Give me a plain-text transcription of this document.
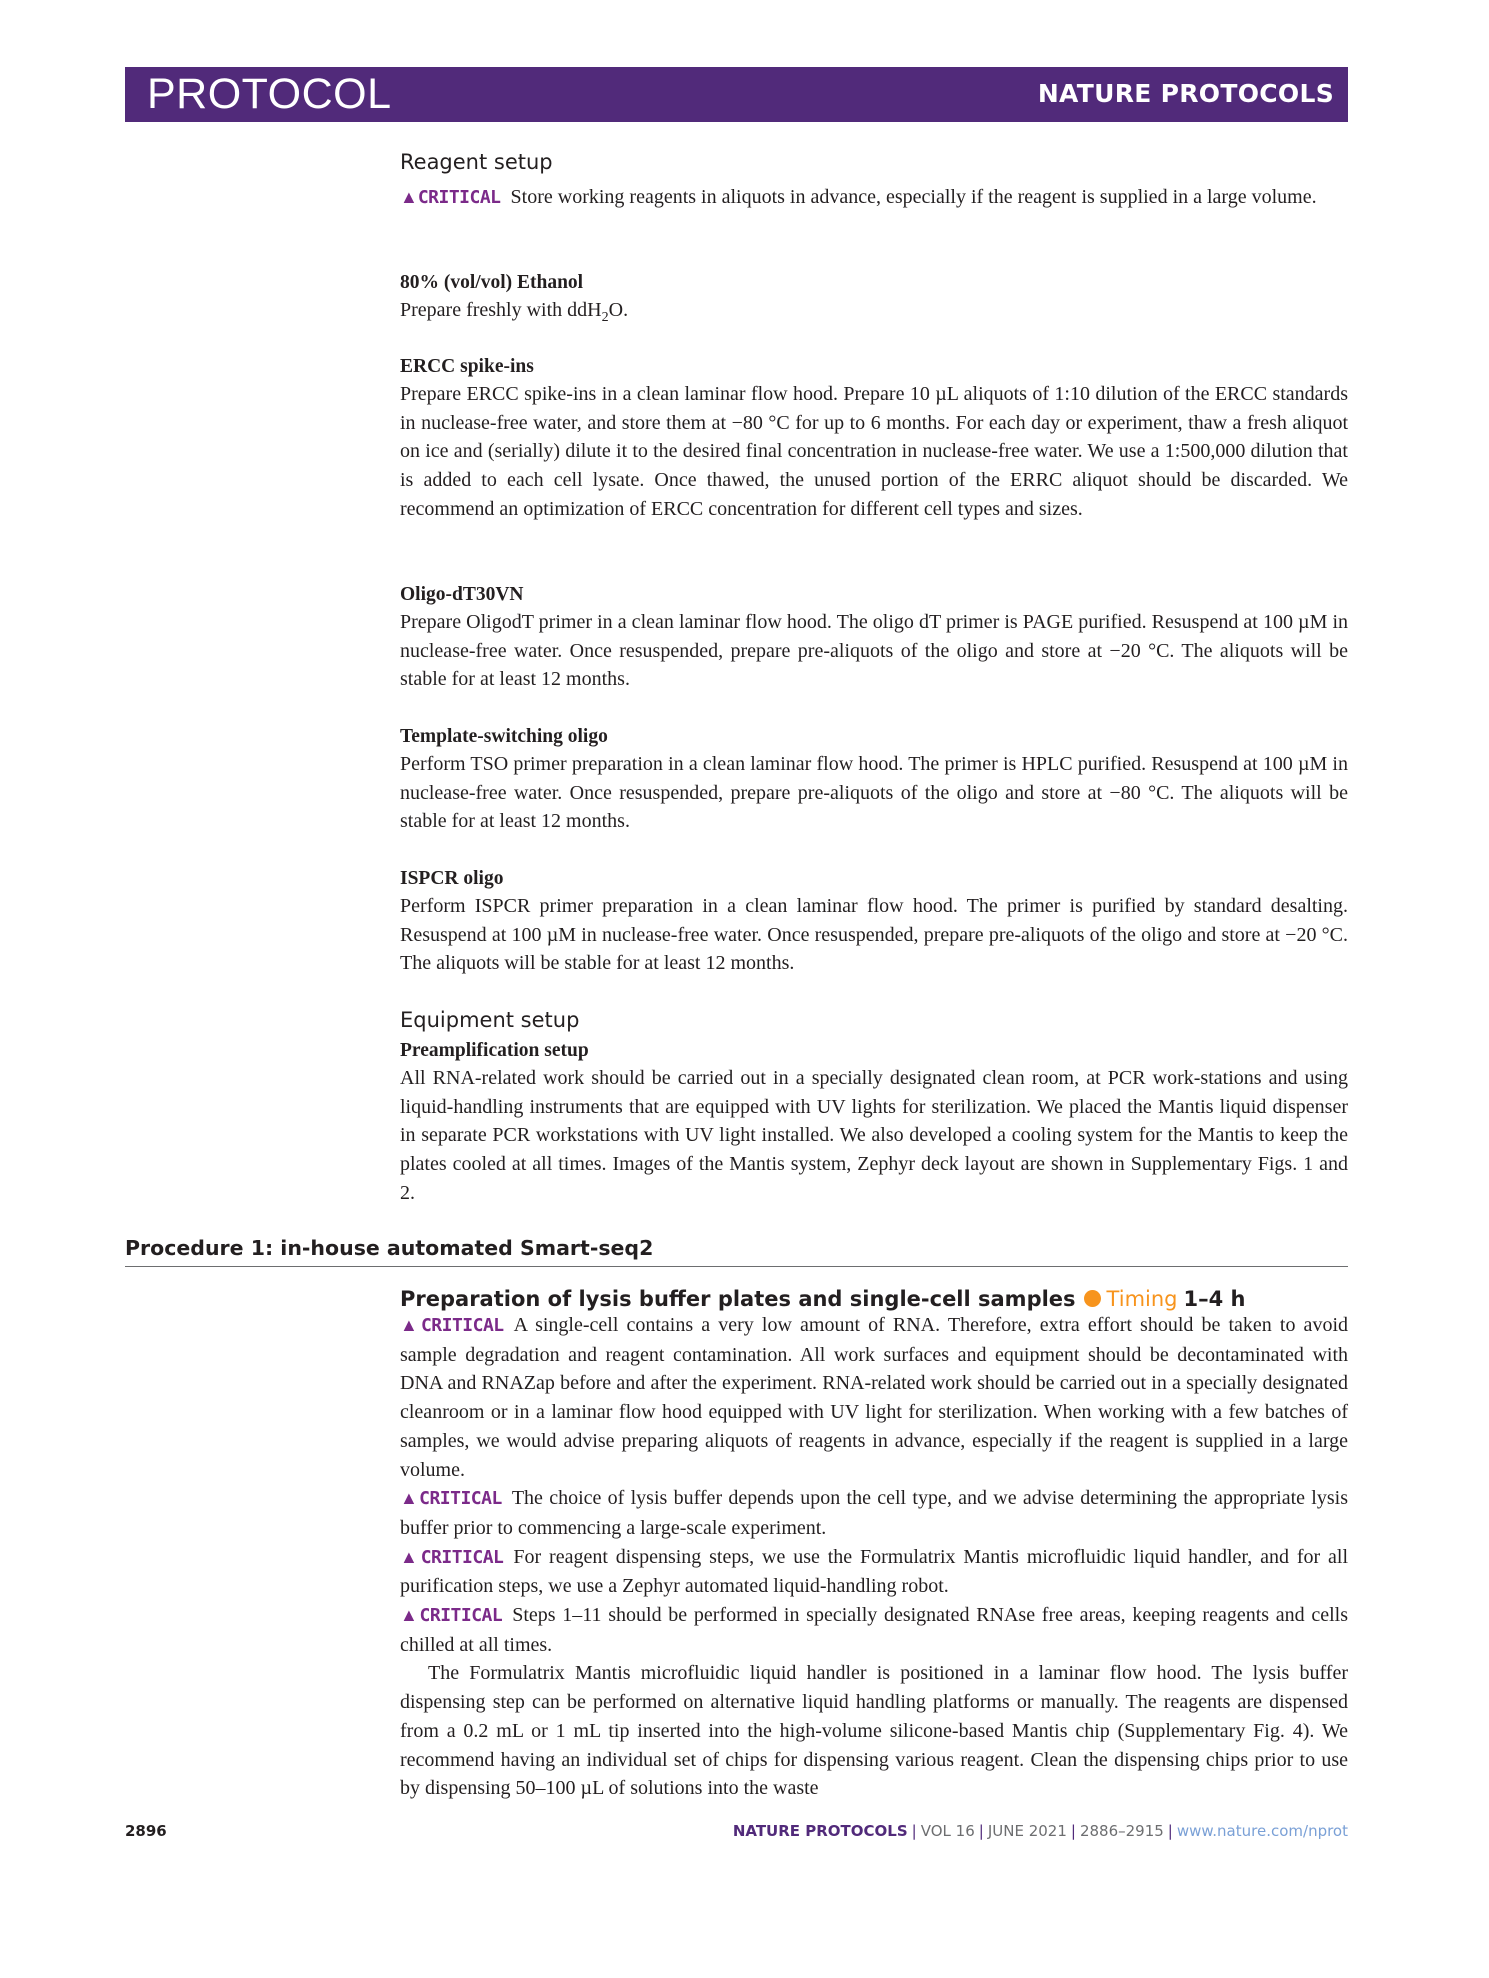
PROTOCOL	NATURE PROTOCOLS
Reagent setup
▲CRITICAL Store working reagents in aliquots in advance, especially if the reagent is supplied in a large volume.
80% (vol/vol) Ethanol
Prepare freshly with ddH$_2$O.
ERCC spike-ins
Prepare ERCC spike-ins in a clean laminar flow hood. Prepare 10 µL aliquots of 1:10 dilution of the ERCC standards in nuclease-free water, and store them at −80 °C for up to 6 months. For each day or experiment, thaw a fresh aliquot on ice and (serially) dilute it to the desired final concentration in nuclease-free water. We use a 1:500,000 dilution that is added to each cell lysate. Once thawed, the unused portion of the ERRC aliquot should be discarded. We recommend an optimization of ERCC concentration for different cell types and sizes.
Oligo-dT30VN
Prepare OligodT primer in a clean laminar flow hood. The oligo dT primer is PAGE purified. Resuspend at 100 µM in nuclease-free water. Once resuspended, prepare pre-aliquots of the oligo and store at −20 °C. The aliquots will be stable for at least 12 months.
Template-switching oligo
Perform TSO primer preparation in a clean laminar flow hood. The primer is HPLC purified. Resuspend at 100 µM in nuclease-free water. Once resuspended, prepare pre-aliquots of the oligo and store at −80 °C. The aliquots will be stable for at least 12 months.
ISPCR oligo
Perform ISPCR primer preparation in a clean laminar flow hood. The primer is purified by standard desalting. Resuspend at 100 µM in nuclease-free water. Once resuspended, prepare pre-aliquots of the oligo and store at −20 °C. The aliquots will be stable for at least 12 months.
Equipment setup
Preamplification setup
All RNA-related work should be carried out in a specially designated clean room, at PCR work-stations and using liquid-handling instruments that are equipped with UV lights for sterilization. We placed the Mantis liquid dispenser in separate PCR workstations with UV light installed. We also developed a cooling system for the Mantis to keep the plates cooled at all times. Images of the Mantis system, Zephyr deck layout are shown in Supplementary Figs. 1 and 2.
Procedure 1: in-house automated Smart-seq2
Preparation of lysis buffer plates and single-cell samples Timing 1–4 h
▲CRITICAL A single-cell contains a very low amount of RNA. Therefore, extra effort should be taken to avoid sample degradation and reagent contamination. All work surfaces and equipment should be decontaminated with DNA and RNAZap before and after the experiment. RNA-related work should be carried out in a specially designated cleanroom or in a laminar flow hood equipped with UV light for sterilization. When working with a few batches of samples, we would advise preparing aliquots of reagents in advance, especially if the reagent is supplied in a large volume.
▲CRITICAL The choice of lysis buffer depends upon the cell type, and we advise determining the appropriate lysis buffer prior to commencing a large-scale experiment.
▲CRITICAL For reagent dispensing steps, we use the Formulatrix Mantis microfluidic liquid handler, and for all purification steps, we use a Zephyr automated liquid-handling robot.
▲CRITICAL Steps 1–11 should be performed in specially designated RNAse free areas, keeping reagents and cells chilled at all times.
The Formulatrix Mantis microfluidic liquid handler is positioned in a laminar flow hood. The lysis buffer dispensing step can be performed on alternative liquid handling platforms or manually. The reagents are dispensed from a 0.2 mL or 1 mL tip inserted into the high-volume silicone-based Mantis chip (Supplementary Fig. 4). We recommend having an individual set of chips for dispensing various reagent. Clean the dispensing chips prior to use by dispensing 50–100 µL of solutions into the waste
2896	NATURE PROTOCOLS | VOL 16 | JUNE 2021 | 2886–2915 | www.nature.com/nprot
